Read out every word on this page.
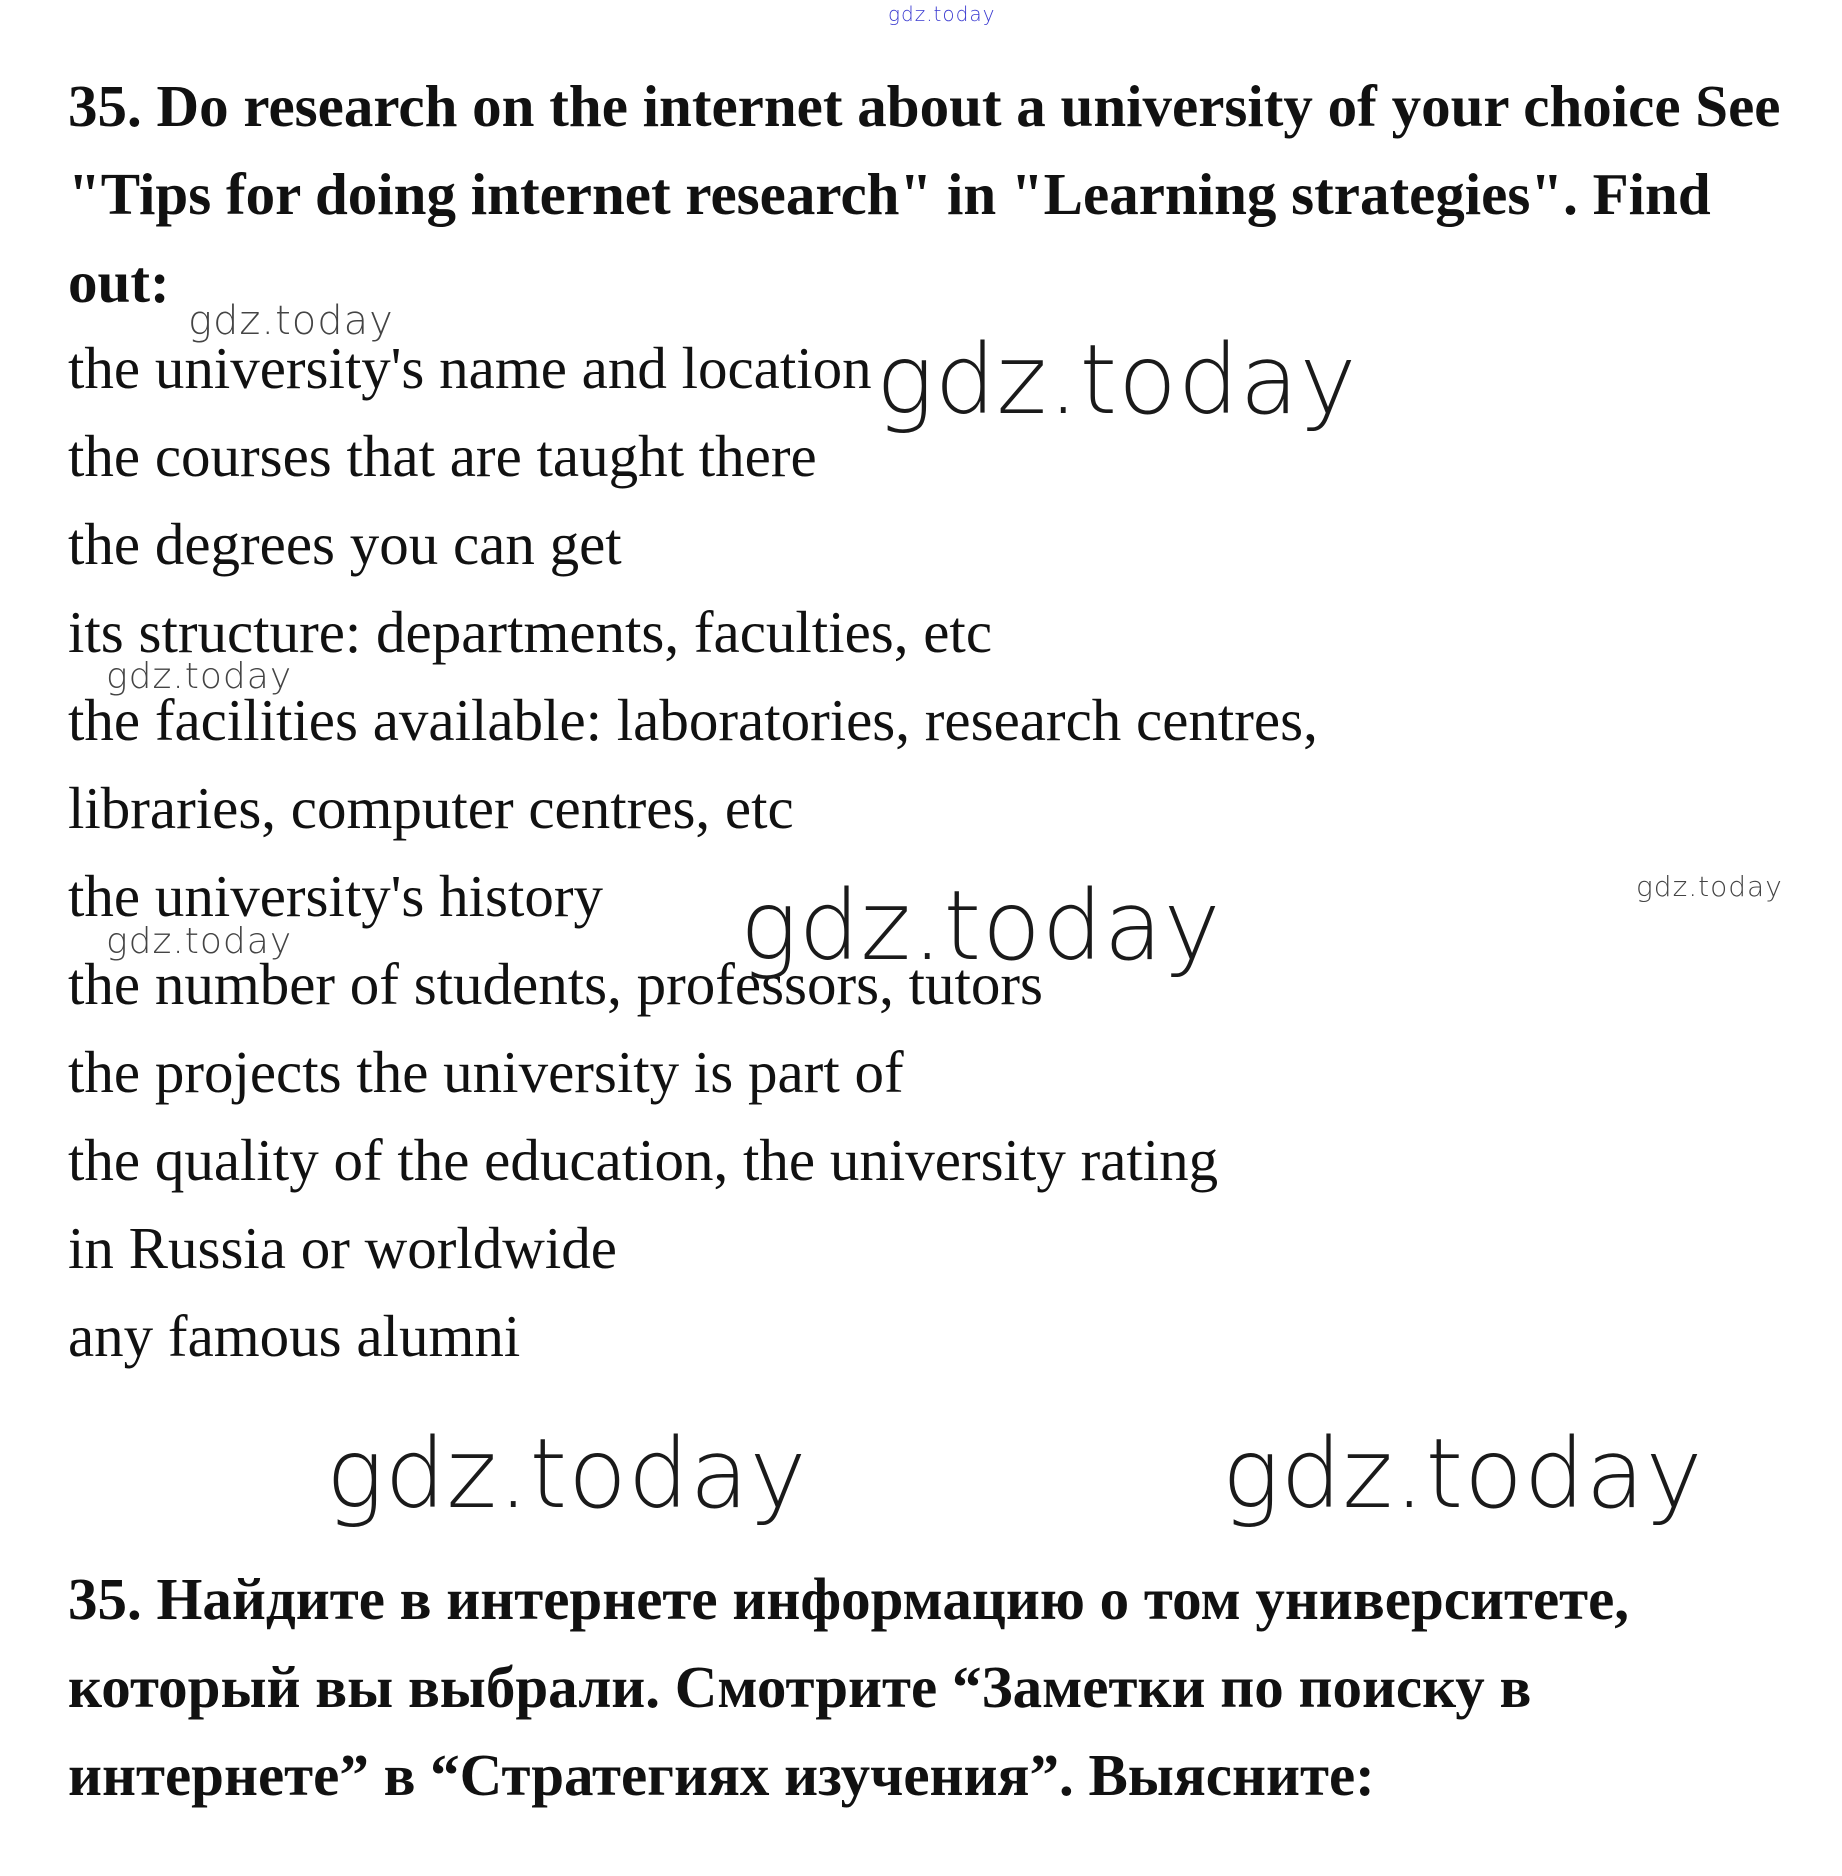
gdz.today

35. Do research on the internet about a university of your choice See "Tips for doing internet research" in "Learning strategies". Find out:

the university's name and location
the courses that are taught there
the degrees you can get
its structure: departments, faculties, etc
the facilities available: laboratories, research centres,
libraries, computer centres, etc
the university's history
the number of students, professors, tutors
the projects the university is part of
the quality of the education, the university rating
in Russia or worldwide
any famous alumni
gdz.today
gdz.today
gdz.today
gdz.today
gdz.today
gdz.today
gdz.today	gdz.today

35. Найдите в интернете информацию о том университете, который вы выбрали. Смотрите “Заметки по поиску в интернете” в “Стратегиях изучения”. Выясните:
